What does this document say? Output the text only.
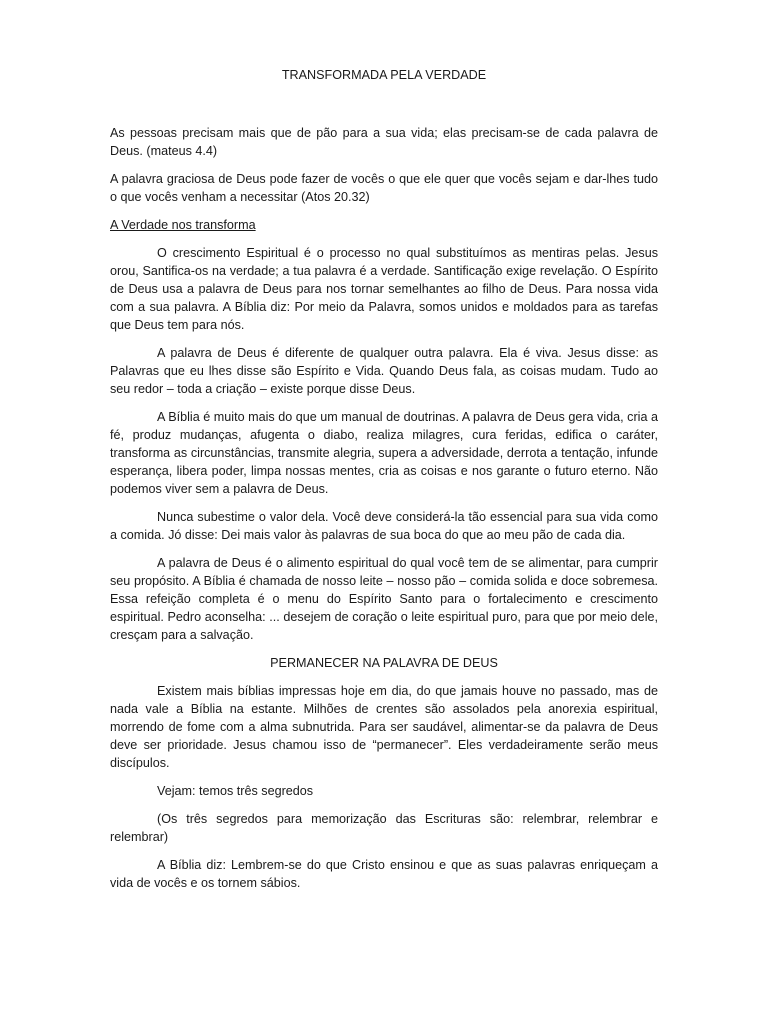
TRANSFORMADA PELA VERDADE

As pessoas precisam mais que de pão para a sua vida; elas precisam-se de cada palavra de Deus. (mateus 4.4)

A palavra graciosa de Deus pode fazer de vocês o que ele quer que vocês sejam e dar-lhes tudo o que vocês venham a necessitar (Atos 20.32)

A Verdade nos transforma

O crescimento Espiritual é o processo no qual substituímos as mentiras pelas. Jesus orou, Santifica-os na verdade; a tua palavra é a verdade. Santificação exige revelação. O Espírito de Deus usa a palavra de Deus para nos tornar semelhantes ao filho de Deus. Para nossa vida com a sua palavra. A Bíblia diz: Por meio da Palavra, somos unidos e moldados para as tarefas que Deus tem para nós.

A palavra de Deus é diferente de qualquer outra palavra. Ela é viva. Jesus disse: as Palavras que eu lhes disse são Espírito e Vida. Quando Deus fala, as coisas mudam. Tudo ao seu redor – toda a criação – existe porque disse Deus.

A Bíblia é muito mais do que um manual de doutrinas. A palavra de Deus gera vida, cria a fé, produz mudanças, afugenta o diabo, realiza milagres, cura feridas, edifica o caráter, transforma as circunstâncias, transmite alegria, supera a adversidade, derrota a tentação, infunde esperança, libera poder, limpa nossas mentes, cria as coisas e nos garante o futuro eterno. Não podemos viver sem a palavra de Deus.

Nunca subestime o valor dela. Você deve considerá-la tão essencial para sua vida como a comida. Jó disse: Dei mais valor às palavras de sua boca do que ao meu pão de cada dia.

A palavra de Deus é o alimento espiritual do qual você tem de se alimentar, para cumprir seu propósito. A Bíblia é chamada de nosso leite – nosso pão – comida solida e doce sobremesa. Essa refeição completa é o menu do Espírito Santo para o fortalecimento e crescimento espiritual. Pedro aconselha: ... desejem de coração o leite espiritual puro, para que por meio dele, cresçam para a salvação.

PERMANECER NA PALAVRA DE DEUS

Existem mais bíblias impressas hoje em dia, do que jamais houve no passado, mas de nada vale a Bíblia na estante. Milhões de crentes são assolados pela anorexia espiritual, morrendo de fome com a alma subnutrida. Para ser saudável, alimentar-se da palavra de Deus deve ser prioridade. Jesus chamou isso de “permanecer”. Eles verdadeiramente serão meus discípulos.

Vejam: temos três segredos

(Os três segredos para memorização das Escrituras são: relembrar, relembrar e relembrar)

A Bíblia diz: Lembrem-se do que Cristo ensinou e que as suas palavras enriqueçam a vida de vocês e os tornem sábios.
